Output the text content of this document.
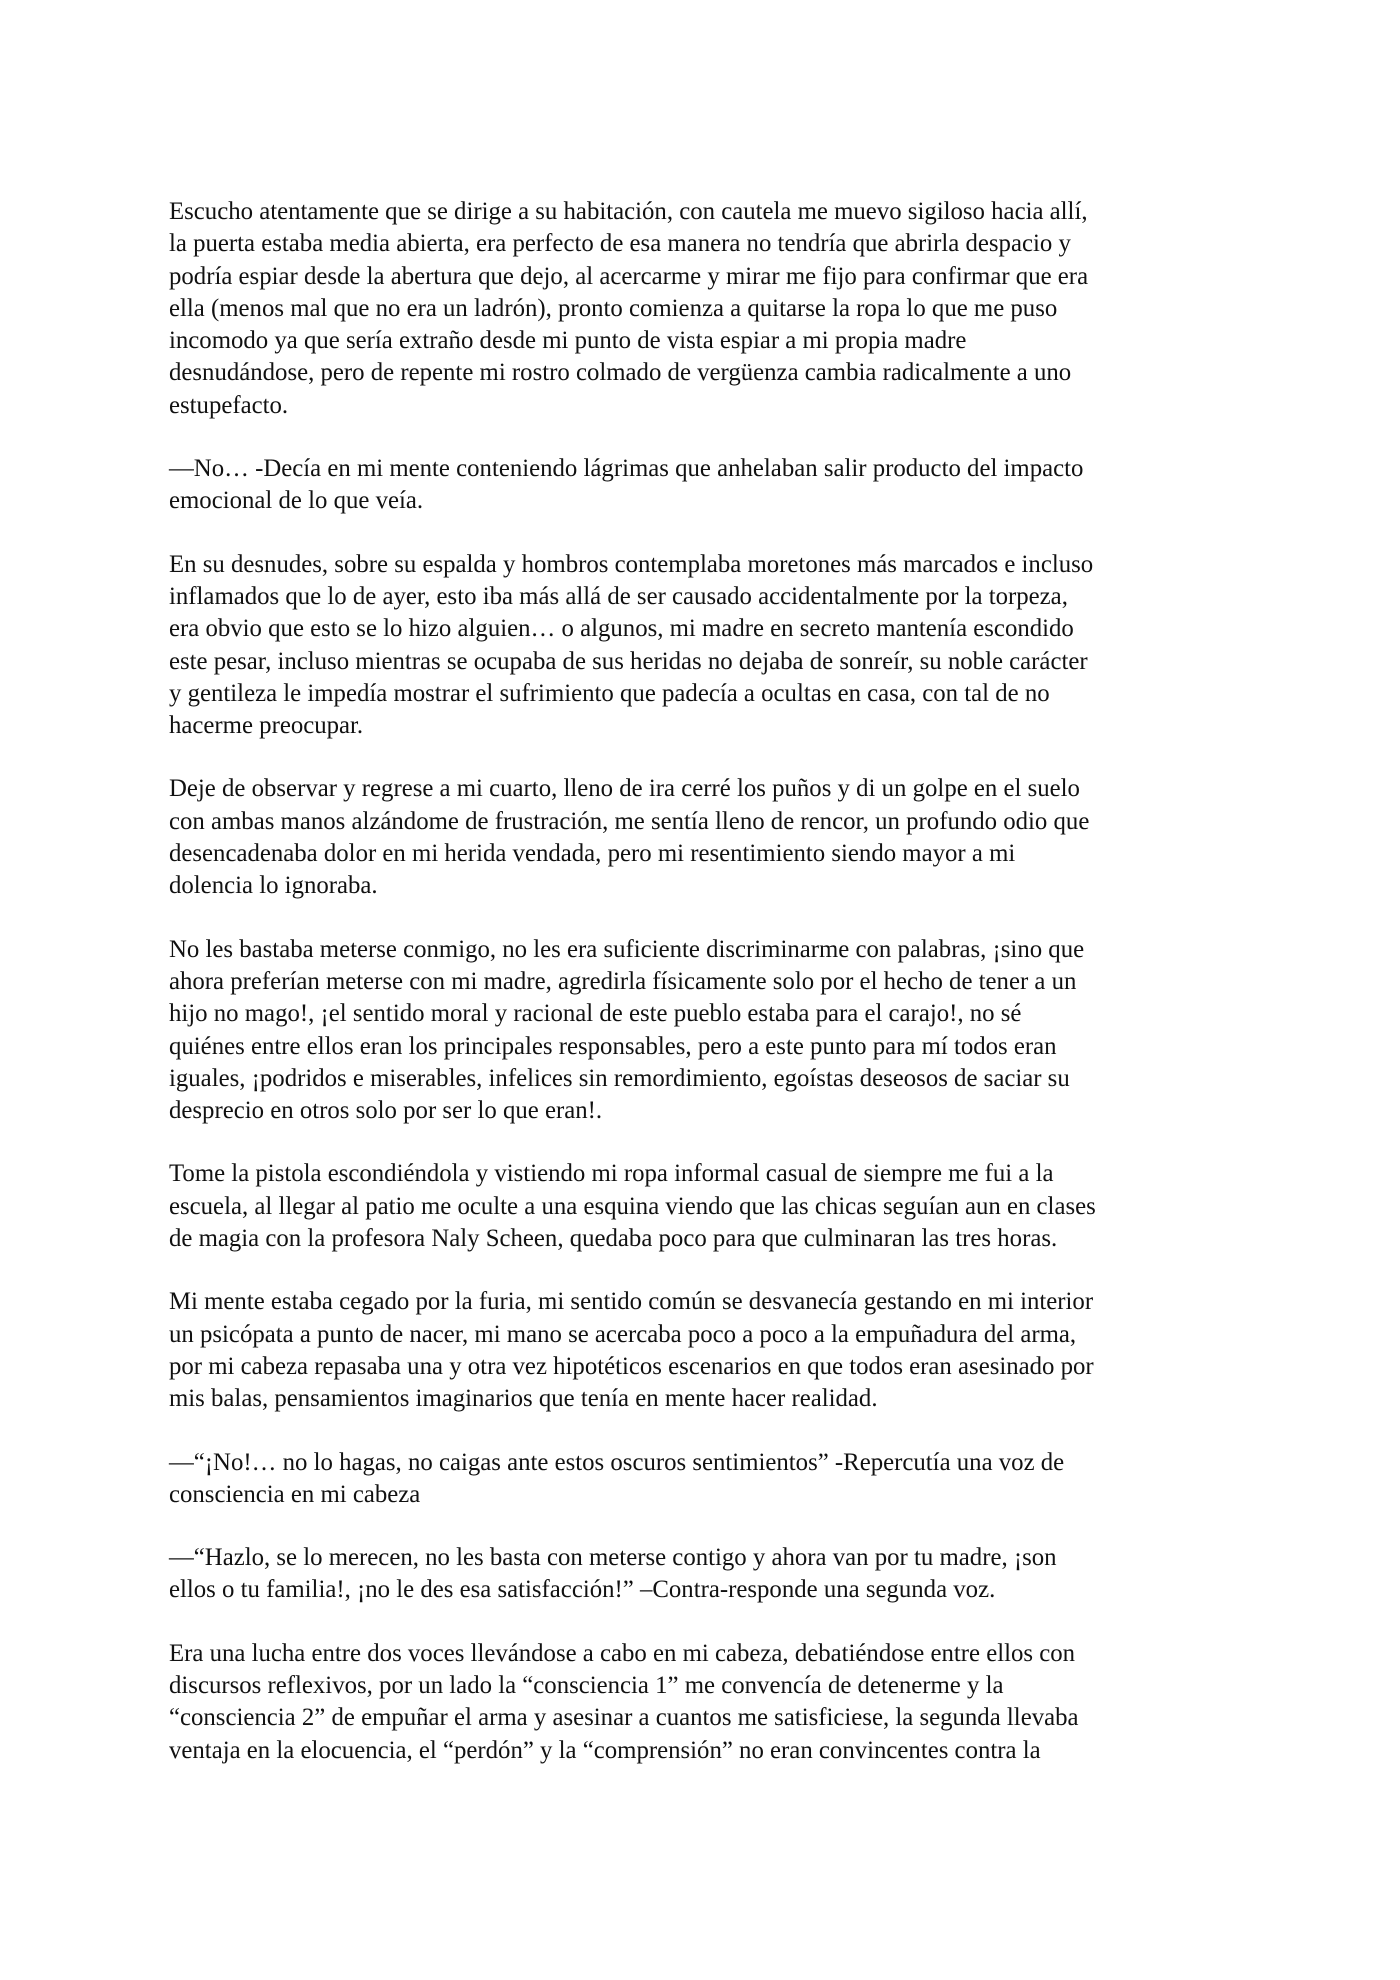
Escucho atentamente que se dirige a su habitación, con cautela me muevo sigiloso hacia allí,
la puerta estaba media abierta, era perfecto de esa manera no tendría que abrirla despacio y
podría espiar desde la abertura que dejo, al acercarme y mirar me fijo para confirmar que era
ella (menos mal que no era un ladrón), pronto comienza a quitarse la ropa lo que me puso
incomodo ya que sería extraño desde mi punto de vista espiar a mi propia madre
desnudándose, pero de repente mi rostro colmado de vergüenza cambia radicalmente a uno
estupefacto.

—No… -Decía en mi mente conteniendo lágrimas que anhelaban salir producto del impacto
emocional de lo que veía.

En su desnudes, sobre su espalda y hombros contemplaba moretones más marcados e incluso
inflamados que lo de ayer, esto iba más allá de ser causado accidentalmente por la torpeza,
era obvio que esto se lo hizo alguien… o algunos, mi madre en secreto mantenía escondido
este pesar, incluso mientras se ocupaba de sus heridas no dejaba de sonreír, su noble carácter
y gentileza le impedía mostrar el sufrimiento que padecía a ocultas en casa, con tal de no
hacerme preocupar.

Deje de observar y regrese a mi cuarto, lleno de ira cerré los puños y di un golpe en el suelo
con ambas manos alzándome de frustración, me sentía lleno de rencor, un profundo odio que
desencadenaba dolor en mi herida vendada, pero mi resentimiento siendo mayor a mi
dolencia lo ignoraba.

No les bastaba meterse conmigo, no les era suficiente discriminarme con palabras, ¡sino que
ahora preferían meterse con mi madre, agredirla físicamente solo por el hecho de tener a un
hijo no mago!, ¡el sentido moral y racional de este pueblo estaba para el carajo!, no sé
quiénes entre ellos eran los principales responsables, pero a este punto para mí todos eran
iguales, ¡podridos e miserables, infelices sin remordimiento, egoístas deseosos de saciar su
desprecio en otros solo por ser lo que eran!.

Tome la pistola escondiéndola y vistiendo mi ropa informal casual de siempre me fui a la
escuela, al llegar al patio me oculte a una esquina viendo que las chicas seguían aun en clases
de magia con la profesora Naly Scheen, quedaba poco para que culminaran las tres horas.

Mi mente estaba cegado por la furia, mi sentido común se desvanecía gestando en mi interior
un psicópata a punto de nacer, mi mano se acercaba poco a poco a la empuñadura del arma,
por mi cabeza repasaba una y otra vez hipotéticos escenarios en que todos eran asesinado por
mis balas, pensamientos imaginarios que tenía en mente hacer realidad.

—“¡No!… no lo hagas, no caigas ante estos oscuros sentimientos” -Repercutía una voz de
consciencia en mi cabeza

—“Hazlo, se lo merecen, no les basta con meterse contigo y ahora van por tu madre, ¡son
ellos o tu familia!, ¡no le des esa satisfacción!” –Contra-responde una segunda voz.

Era una lucha entre dos voces llevándose a cabo en mi cabeza, debatiéndose entre ellos con
discursos reflexivos, por un lado la “consciencia 1” me convencía de detenerme y la
“consciencia 2” de empuñar el arma y asesinar a cuantos me satisficiese, la segunda llevaba
ventaja en la elocuencia, el “perdón” y la “comprensión” no eran convincentes contra la
